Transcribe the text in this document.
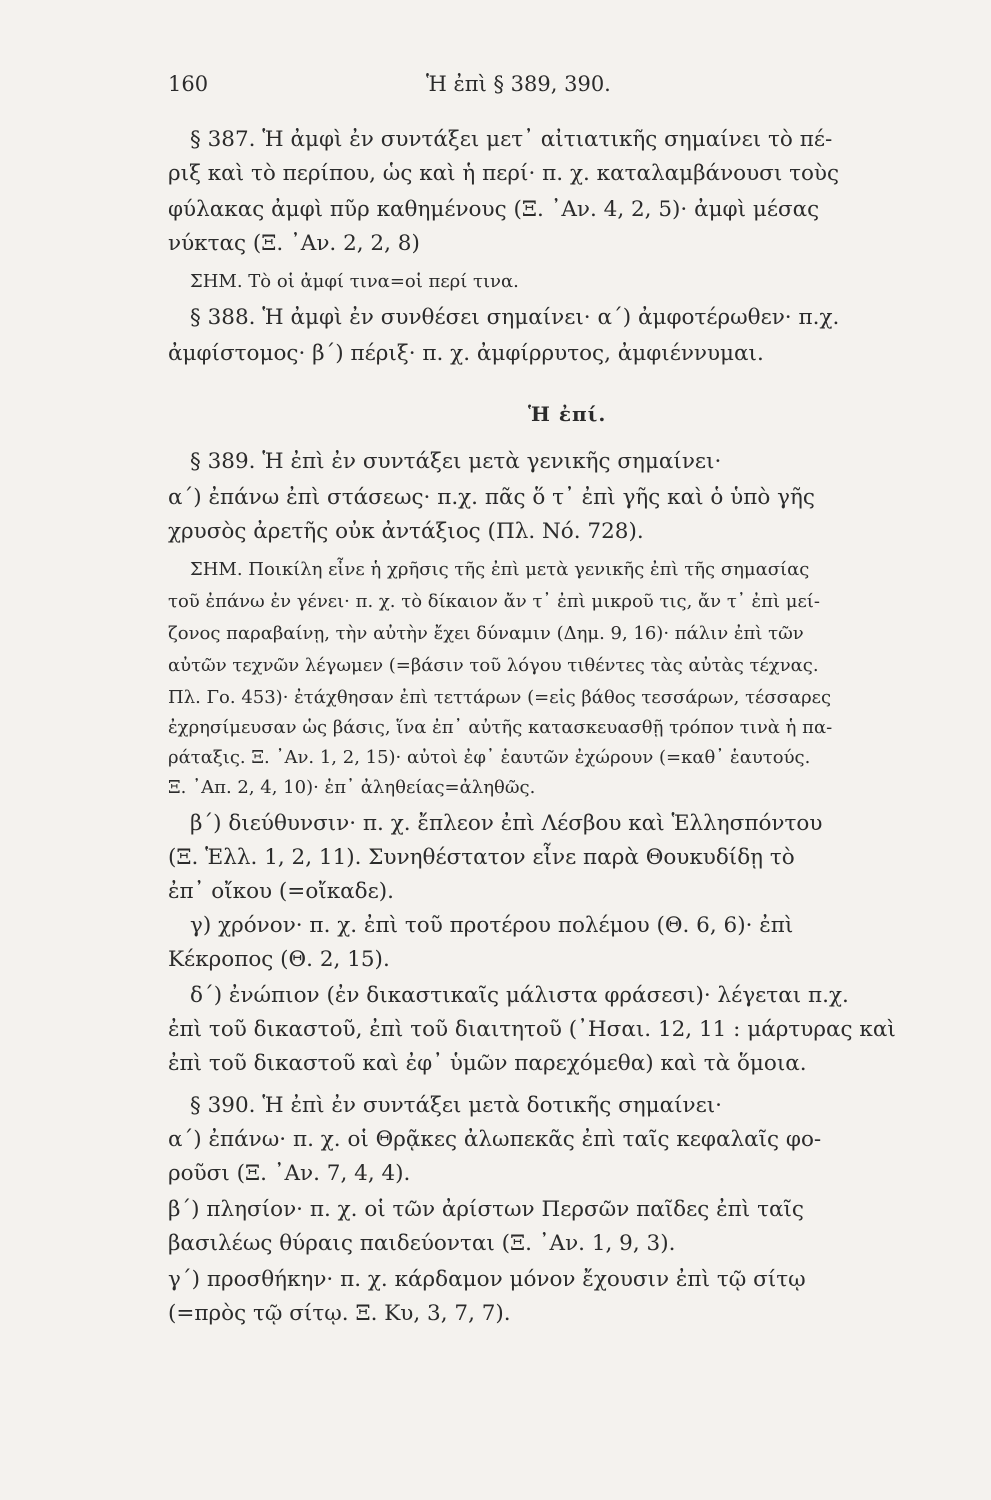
160	Ἡ ἐπὶ § 389, 390.
§ 387. Ἡ ἀμφὶ ἐν συντάξει μετ᾽ αἰτιατικῆς σημαίνει τὸ πέ-
ριξ καὶ τὸ περίπου, ὡς καὶ ἡ περί· π. χ. καταλαμβάνουσι τοὺς
φύλακας ἀμφὶ πῦρ καθημένους (Ξ. ᾽Αν. 4, 2, 5)· ἀμφὶ μέσας
νύκτας (Ξ. ᾽Αν. 2, 2, 8)
ΣΗΜ. Τὸ οἱ ἀμφί τινα=οἱ περί τινα.
§ 388. Ἡ ἀμφὶ ἐν συνθέσει σημαίνει· α΄) ἀμφοτέρωθεν· π.χ.
ἀμφίστομος· β΄) πέριξ· π. χ. ἀμφίρρυτος, ἀμφιέννυμαι.
Ἡ ἐπί.
§ 389. Ἡ ἐπὶ ἐν συντάξει μετὰ γενικῆς σημαίνει·
α΄) ἐπάνω ἐπὶ στάσεως· π.χ. πᾶς ὅ τ᾽ ἐπὶ γῆς καὶ ὁ ὑπὸ γῆς
χρυσὸς ἀρετῆς οὐκ ἀντάξιος (Πλ. Νό. 728).
ΣΗΜ. Ποικίλη εἶνε ἡ χρῆσις τῆς ἐπὶ μετὰ γενικῆς ἐπὶ τῆς σημασίας
τοῦ ἐπάνω ἐν γένει· π. χ. τὸ δίκαιον ἄν τ᾽ ἐπὶ μικροῦ τις, ἄν τ᾽ ἐπὶ μεί-
ζονος παραβαίνῃ, τὴν αὐτὴν ἔχει δύναμιν (Δημ. 9, 16)· πάλιν ἐπὶ τῶν
αὐτῶν τεχνῶν λέγωμεν (=βάσιν τοῦ λόγου τιθέντες τὰς αὐτὰς τέχνας.
Πλ. Γο. 453)· ἐτάχθησαν ἐπὶ τεττάρων (=εἰς βάθος τεσσάρων, τέσσαρες
ἐχρησίμευσαν ὡς βάσις, ἵνα ἐπ᾽ αὐτῆς κατασκευασθῇ τρόπον τινὰ ἡ πα-
ράταξις. Ξ. ᾽Αν. 1, 2, 15)· αὐτοὶ ἐφ᾽ ἑαυτῶν ἐχώρουν (=καθ᾽ ἑαυτούς.
Ξ. ᾽Απ. 2, 4, 10)· ἐπ᾽ ἀληθείας=ἀληθῶς.
β΄) διεύθυνσιν· π. χ. ἔπλεον ἐπὶ Λέσβου καὶ Ἑλλησπόντου
(Ξ. Ἑλλ. 1, 2, 11). Συνηθέστατον εἶνε παρὰ Θουκυδίδῃ τὸ
ἐπ᾽ οἴκου (=οἴκαδε).
γ) χρόνον· π. χ. ἐπὶ τοῦ προτέρου πολέμου (Θ. 6, 6)· ἐπὶ
Κέκροπος (Θ. 2, 15).
δ΄) ἐνώπιον (ἐν δικαστικαῖς μάλιστα φράσεσι)· λέγεται π.χ.
ἐπὶ τοῦ δικαστοῦ, ἐπὶ τοῦ διαιτητοῦ (᾽Ησαι. 12, 11 : μάρτυρας καὶ
ἐπὶ τοῦ δικαστοῦ καὶ ἐφ᾽ ὑμῶν παρεχόμεθα) καὶ τὰ ὅμοια.
§ 390. Ἡ ἐπὶ ἐν συντάξει μετὰ δοτικῆς σημαίνει·
α΄) ἐπάνω· π. χ. οἱ Θρᾷκες ἀλωπεκᾶς ἐπὶ ταῖς κεφαλαῖς φο-
ροῦσι (Ξ. ᾽Αν. 7, 4, 4).
β΄) πλησίον· π. χ. οἱ τῶν ἀρίστων Περσῶν παῖδες ἐπὶ ταῖς
βασιλέως θύραις παιδεύονται (Ξ. ᾽Αν. 1, 9, 3).
γ΄) προσθήκην· π. χ. κάρδαμον μόνον ἔχουσιν ἐπὶ τῷ σίτῳ
(=πρὸς τῷ σίτῳ. Ξ. Κυ, 3, 7, 7).
